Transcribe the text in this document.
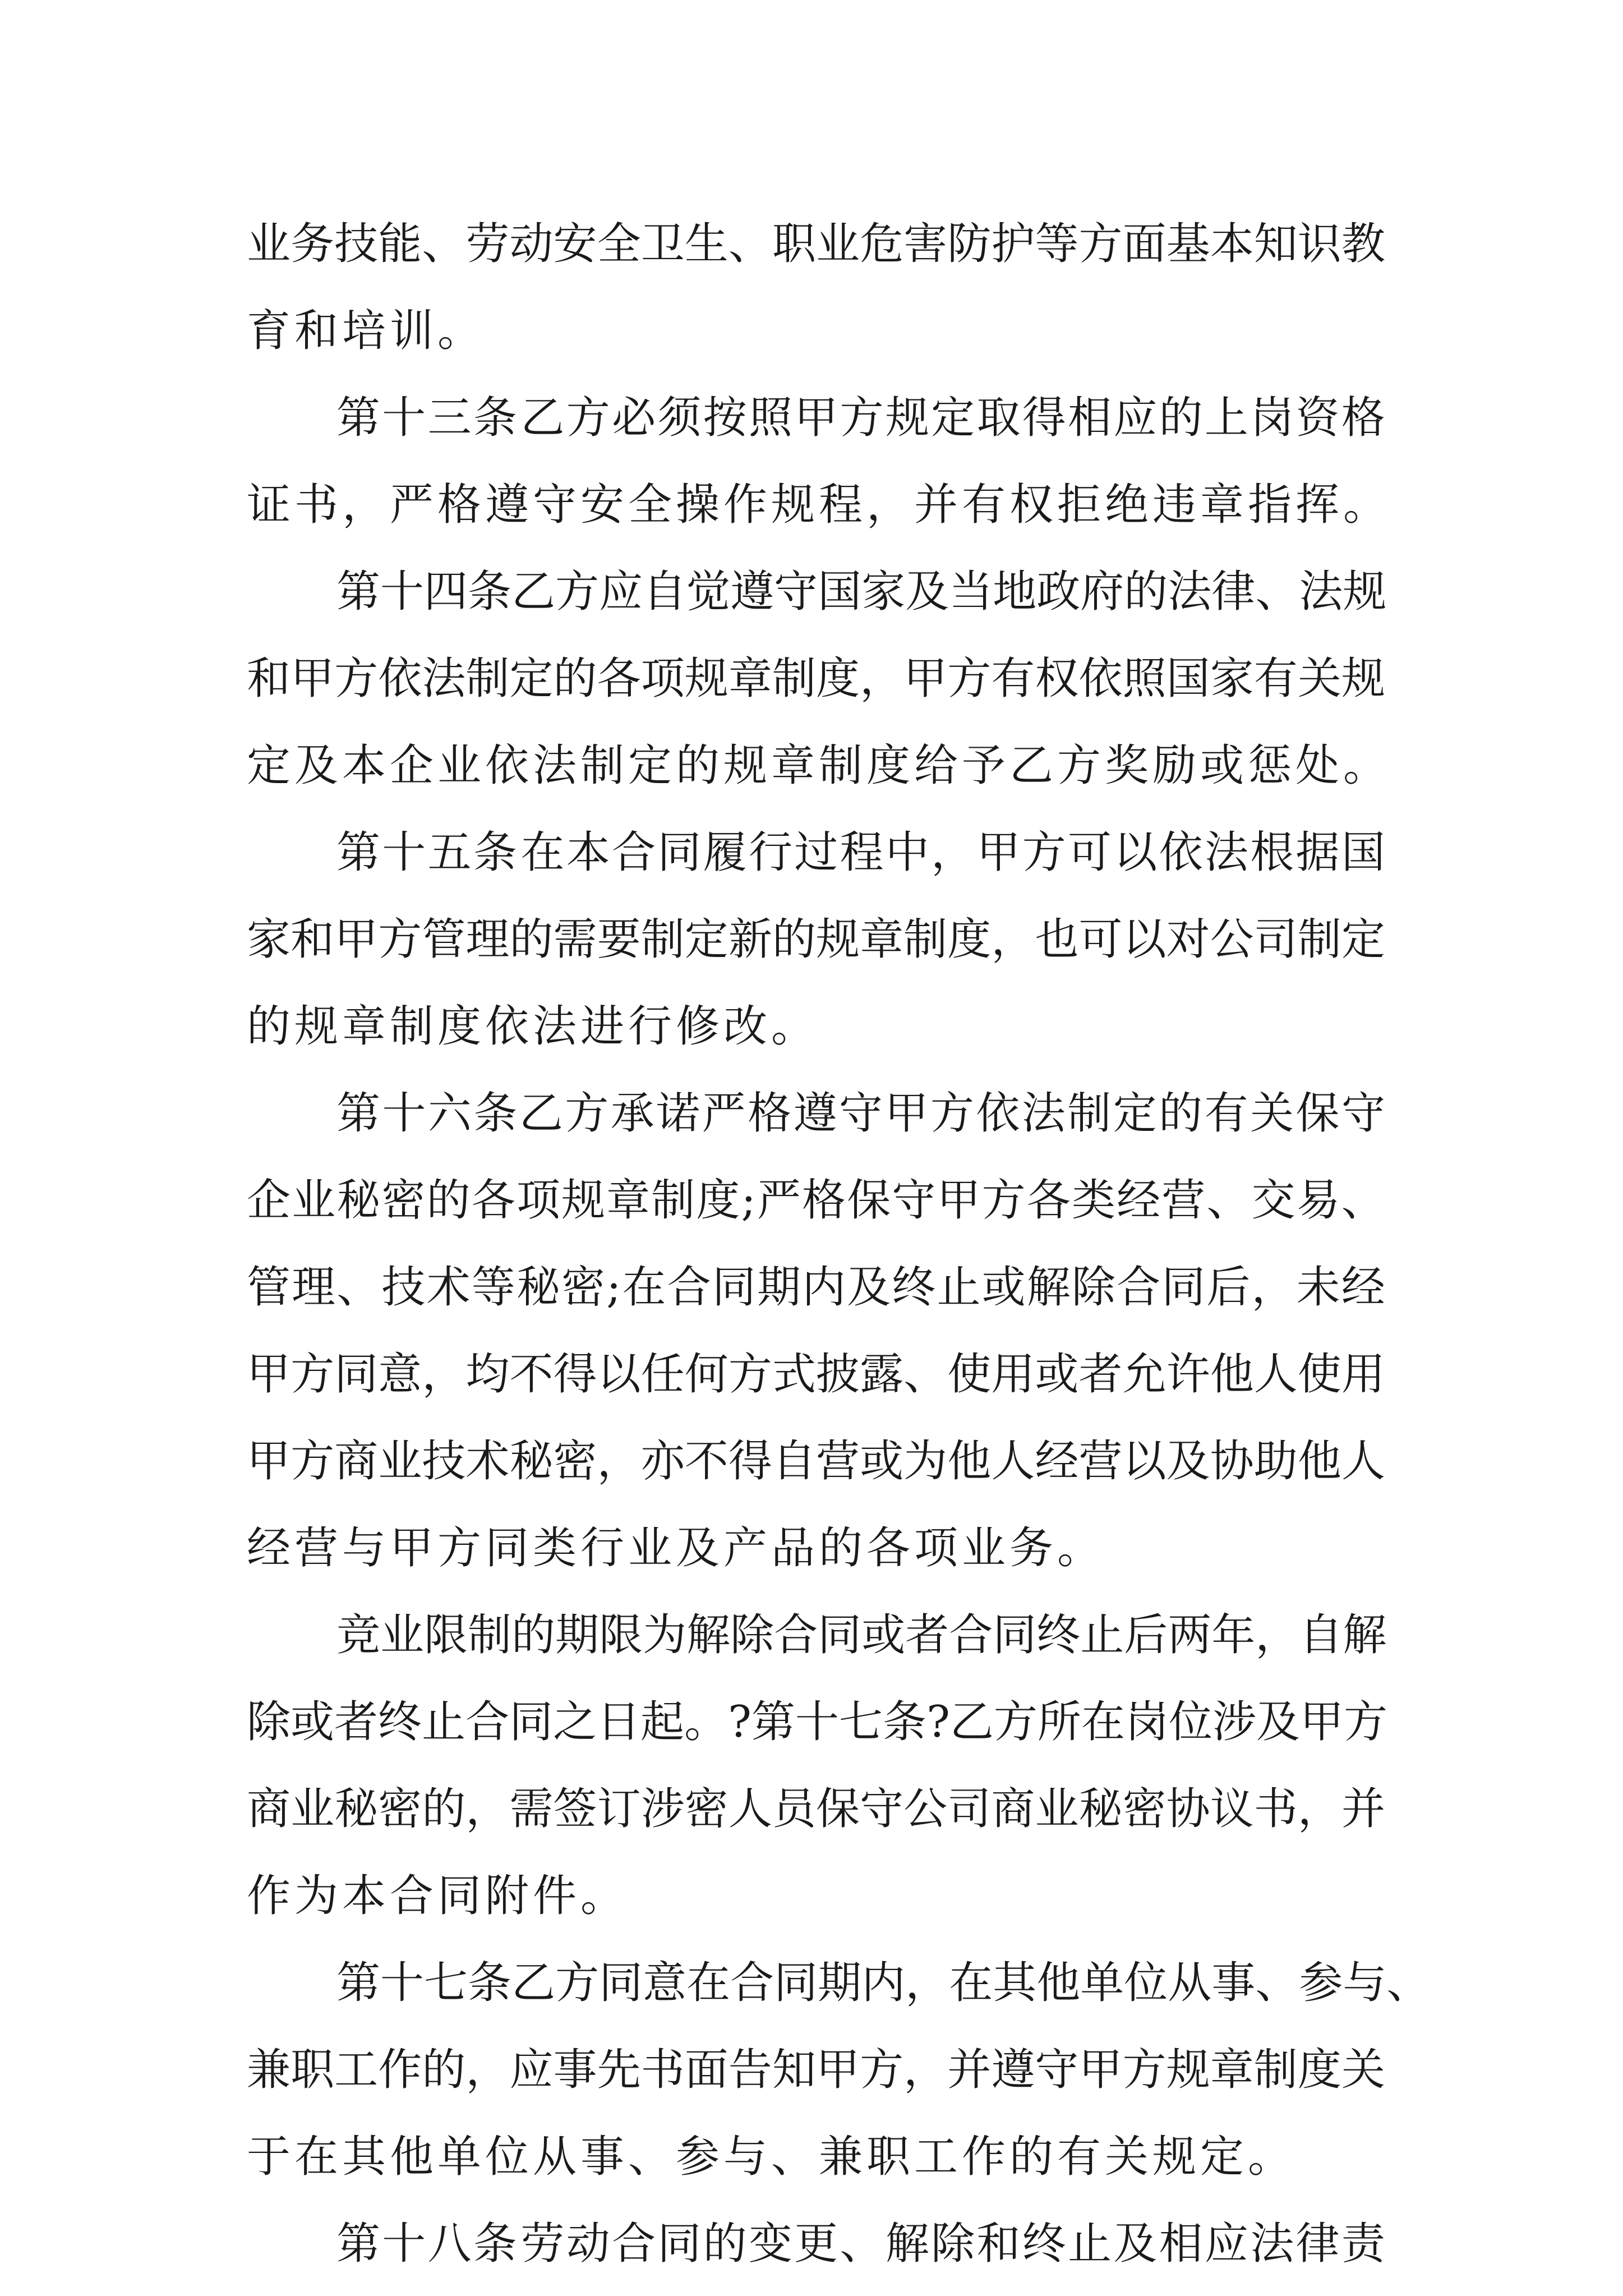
业 务 技 能 、 劳 动 安 全 卫 生 、 职 业 危 害 防 护 等 方 面 基 本 知 识 教
育和培训。
第 十 三 条 乙 方 必 须 按 照 甲 方 规 定 取 得 相 应 的 上 岗 资 格
证书，严格遵守安全操作规程，并有权拒绝违章指挥。
第 十 四 条 乙 方 应 自 觉 遵 守 国 家 及 当 地 政 府 的 法 律 、 法 规
和 甲 方 依 法 制 定 的 各 项 规 章 制 度 ， 甲 方 有 权 依 照 国 家 有 关 规
定及本企业依法制定的规章制度给予乙方奖励或惩处。
第 十 五 条 在 本 合 同 履 行 过 程 中 ， 甲 方 可 以 依 法 根 据 国
家 和 甲 方 管 理 的 需 要 制 定 新 的 规 章 制 度 ， 也 可 以 对 公 司 制 定
的规章制度依法进行修改。
第 十 六 条 乙 方 承 诺 严 格 遵 守 甲 方 依 法 制 定 的 有 关 保 守
企 业 秘 密 的 各 项 规 章 制 度 ; 严 格 保 守 甲 方 各 类 经 营 、 交 易 、
管 理 、 技 术 等 秘 密 ; 在 合 同 期 内 及 终 止 或 解 除 合 同 后 ， 未 经
甲 方 同 意 ， 均 不 得 以 任 何 方 式 披 露 、 使 用 或 者 允 许 他 人 使 用
甲 方 商 业 技 术 秘 密 ， 亦 不 得 自 营 或 为 他 人 经 营 以 及 协 助 他 人
经营与甲方同类行业及产品的各项业务。
竞 业 限 制 的 期 限 为 解 除 合 同 或 者 合 同 终 止 后 两 年 ， 自 解
除 或 者 终 止 合 同 之 日 起 。 ? 第 十 七 条 ? 乙 方 所 在 岗 位 涉 及 甲 方
商 业 秘 密 的 ， 需 签 订 涉 密 人 员 保 守 公 司 商 业 秘 密 协 议 书 ， 并
作为本合同附件。
第 十 七 条 乙 方 同 意 在 合 同 期 内 ， 在 其 他 单 位 从 事 、 参 与 、
兼 职 工 作 的 ， 应 事 先 书 面 告 知 甲 方 ， 并 遵 守 甲 方 规 章 制 度 关
于在其他单位从事、参与、兼职工作的有关规定。
第 十 八 条 劳 动 合 同 的 变 更 、 解 除 和 终 止 及 相 应 法 律 责
